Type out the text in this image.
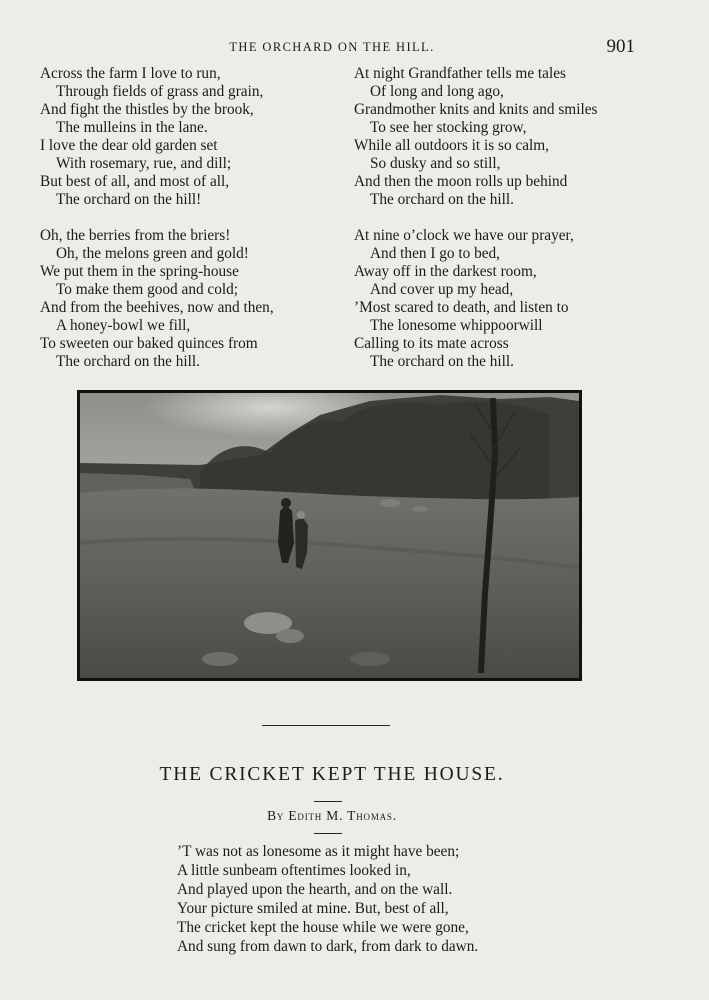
THE ORCHARD ON THE HILL.	901
Across the farm I love to run,
Through fields of grass and grain,
And fight the thistles by the brook,
The mulleins in the lane.
I love the dear old garden set
With rosemary, rue, and dill;
But best of all, and most of all,
The orchard on the hill!
Oh, the berries from the briers!
Oh, the melons green and gold!
We put them in the spring-house
To make them good and cold;
And from the beehives, now and then,
A honey-bowl we fill,
To sweeten our baked quinces from
The orchard on the hill.
At night Grandfather tells me tales
Of long and long ago,
Grandmother knits and knits and smiles
To see her stocking grow,
While all outdoors it is so calm,
So dusky and so still,
And then the moon rolls up behind
The orchard on the hill.
At nine o’clock we have our prayer,
And then I go to bed,
Away off in the darkest room,
And cover up my head,
’Most scared to death, and listen to
The lonesome whippoorwill
Calling to its mate across
The orchard on the hill.
THE CRICKET KEPT THE HOUSE.
By Edith M. Thomas.
’T was not as lonesome as it might have been;
A little sunbeam oftentimes looked in,
And played upon the hearth, and on the wall.
Your picture smiled at mine. But, best of all,
The cricket kept the house while we were gone,
And sung from dawn to dark, from dark to dawn.
